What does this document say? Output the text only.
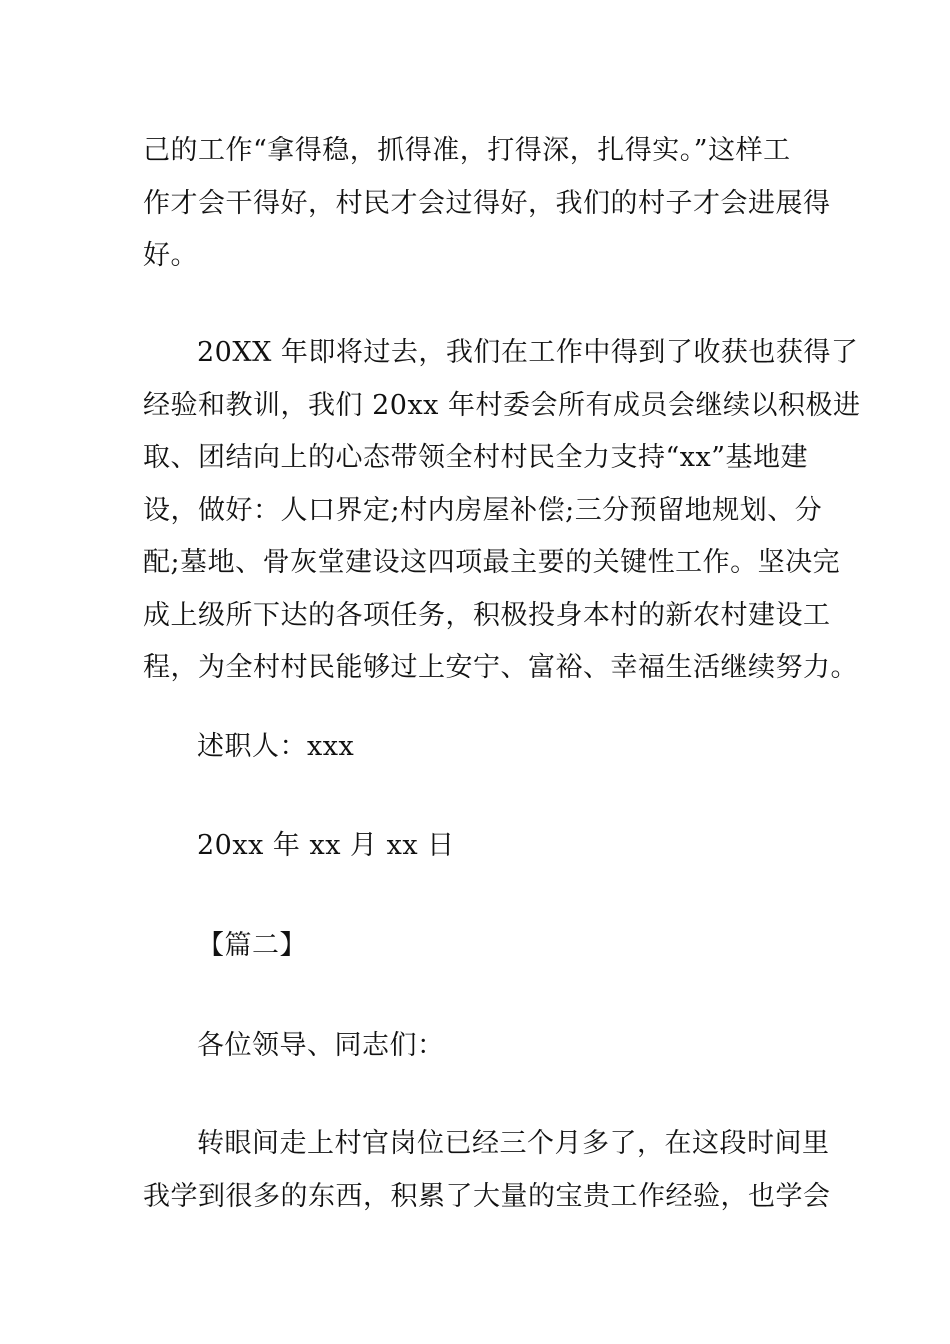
己的工作“拿得稳，抓得准，打得深，扎得实。”这样工
作才会干得好，村民才会过得好，我们的村子才会进展得
好。
20XX 年即将过去，我们在工作中得到了收获也获得了
经验和教训，我们 20xx 年村委会所有成员会继续以积极进
取、团结向上的心态带领全村村民全力支持“xx”基地建
设，做好：人口界定;村内房屋补偿;三分预留地规划、分
配;墓地、骨灰堂建设这四项最主要的关键性工作。坚决完
成上级所下达的各项任务，积极投身本村的新农村建设工
程，为全村村民能够过上安宁、富裕、幸福生活继续努力。
述职人：xxx
20xx 年 xx 月 xx 日
【篇二】
各位领导、同志们：
转眼间走上村官岗位已经三个月多了，在这段时间里
我学到很多的东西，积累了大量的宝贵工作经验，也学会
